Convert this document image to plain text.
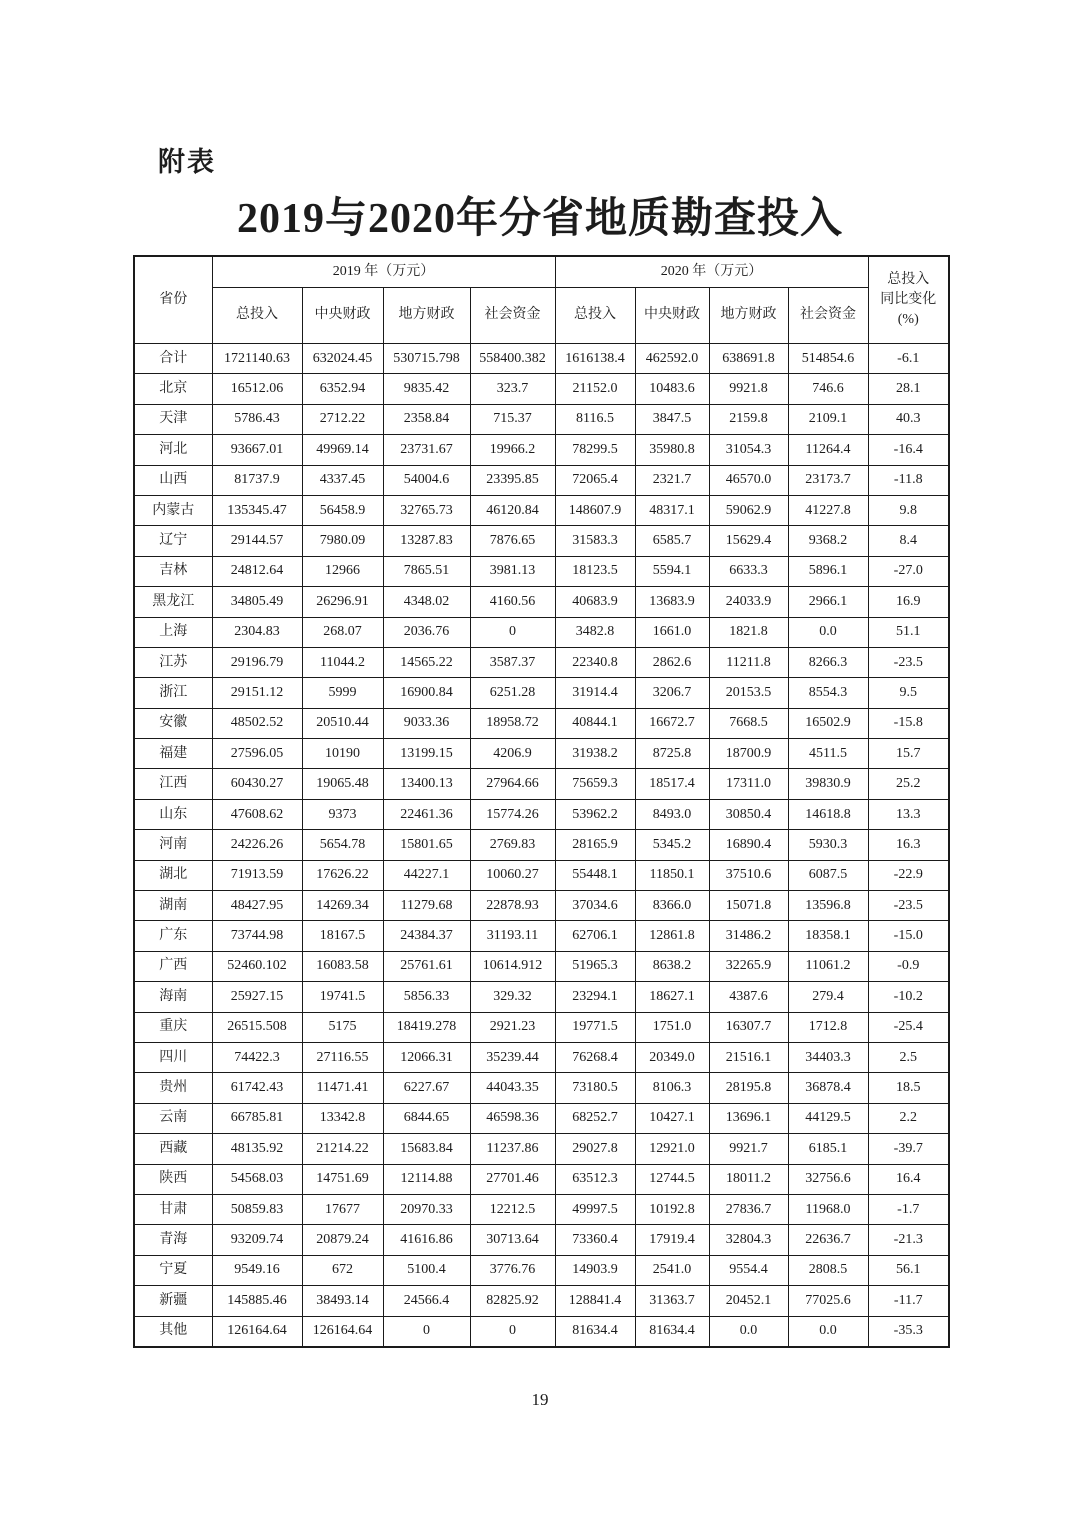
附表
2019与2020年分省地质勘查投入
省份	2019 年（万元）				2020 年（万元）				总投入
同比变化
(%)

	总投入	中央财政	地方财政	社会资金	总投入	中央财政	地方财政	社会资金	
合计	1721140.63	632024.45	530715.798	558400.382	1616138.4	462592.0	638691.8	514854.6	-6.1
北京	16512.06	6352.94	9835.42	323.7	21152.0	10483.6	9921.8	746.6	28.1
天津	5786.43	2712.22	2358.84	715.37	8116.5	3847.5	2159.8	2109.1	40.3
河北	93667.01	49969.14	23731.67	19966.2	78299.5	35980.8	31054.3	11264.4	-16.4
山西	81737.9	4337.45	54004.6	23395.85	72065.4	2321.7	46570.0	23173.7	-11.8
内蒙古	135345.47	56458.9	32765.73	46120.84	148607.9	48317.1	59062.9	41227.8	9.8
辽宁	29144.57	7980.09	13287.83	7876.65	31583.3	6585.7	15629.4	9368.2	8.4
吉林	24812.64	12966	7865.51	3981.13	18123.5	5594.1	6633.3	5896.1	-27.0
黑龙江	34805.49	26296.91	4348.02	4160.56	40683.9	13683.9	24033.9	2966.1	16.9
上海	2304.83	268.07	2036.76	0	3482.8	1661.0	1821.8	0.0	51.1
江苏	29196.79	11044.2	14565.22	3587.37	22340.8	2862.6	11211.8	8266.3	-23.5
浙江	29151.12	5999	16900.84	6251.28	31914.4	3206.7	20153.5	8554.3	9.5
安徽	48502.52	20510.44	9033.36	18958.72	40844.1	16672.7	7668.5	16502.9	-15.8
福建	27596.05	10190	13199.15	4206.9	31938.2	8725.8	18700.9	4511.5	15.7
江西	60430.27	19065.48	13400.13	27964.66	75659.3	18517.4	17311.0	39830.9	25.2
山东	47608.62	9373	22461.36	15774.26	53962.2	8493.0	30850.4	14618.8	13.3
河南	24226.26	5654.78	15801.65	2769.83	28165.9	5345.2	16890.4	5930.3	16.3
湖北	71913.59	17626.22	44227.1	10060.27	55448.1	11850.1	37510.6	6087.5	-22.9
湖南	48427.95	14269.34	11279.68	22878.93	37034.6	8366.0	15071.8	13596.8	-23.5
广东	73744.98	18167.5	24384.37	31193.11	62706.1	12861.8	31486.2	18358.1	-15.0
广西	52460.102	16083.58	25761.61	10614.912	51965.3	8638.2	32265.9	11061.2	-0.9
海南	25927.15	19741.5	5856.33	329.32	23294.1	18627.1	4387.6	279.4	-10.2
重庆	26515.508	5175	18419.278	2921.23	19771.5	1751.0	16307.7	1712.8	-25.4
四川	74422.3	27116.55	12066.31	35239.44	76268.4	20349.0	21516.1	34403.3	2.5
贵州	61742.43	11471.41	6227.67	44043.35	73180.5	8106.3	28195.8	36878.4	18.5
云南	66785.81	13342.8	6844.65	46598.36	68252.7	10427.1	13696.1	44129.5	2.2
西藏	48135.92	21214.22	15683.84	11237.86	29027.8	12921.0	9921.7	6185.1	-39.7
陕西	54568.03	14751.69	12114.88	27701.46	63512.3	12744.5	18011.2	32756.6	16.4
甘肃	50859.83	17677	20970.33	12212.5	49997.5	10192.8	27836.7	11968.0	-1.7
青海	93209.74	20879.24	41616.86	30713.64	73360.4	17919.4	32804.3	22636.7	-21.3
宁夏	9549.16	672	5100.4	3776.76	14903.9	2541.0	9554.4	2808.5	56.1
新疆	145885.46	38493.14	24566.4	82825.92	128841.4	31363.7	20452.1	77025.6	-11.7
其他	126164.64	126164.64	0	0	81634.4	81634.4	0.0	0.0	-35.3
19
